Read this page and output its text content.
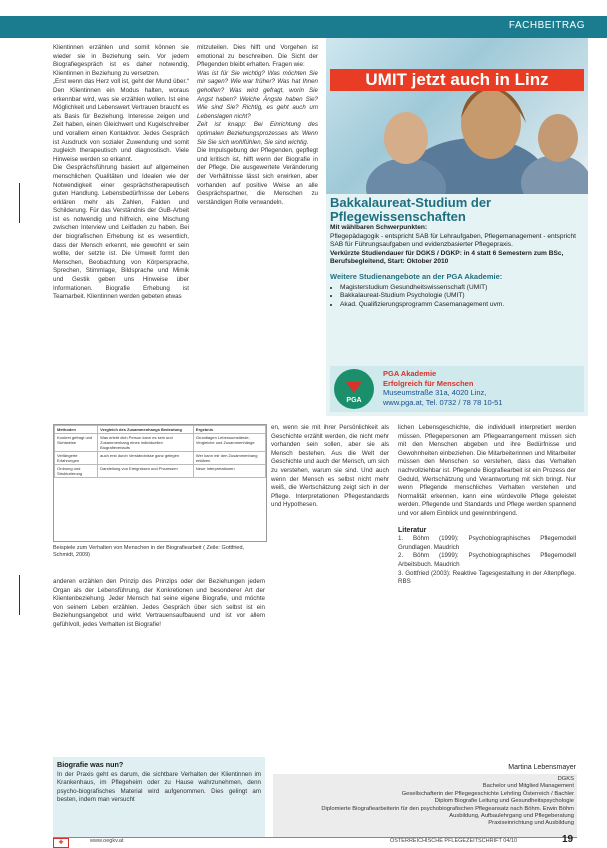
FACHBEITRAG

Klientinnen erzählen und somit können sie wieder sie in Beziehung sein. Vor jedem Biografiegespräch ist es daher notwendig, Klientinnen in Beziehung zu versetzen.

„Erst wenn das Herz voll ist, geht der Mund über.“ Den Klientinnen ein Modus halten, woraus erkennbar wird, was sie erzählen wollen. Ist eine Möglichkeit und Lebenswert Vertrauen braucht es als Basis für Beziehung. Interesse zeigen und Zeit haben, einen Gleichwert und Kugelschreiber und vorallem einen Kontaktvor. Jedes Gespräch ist Ausdruck von sozialer Zuwendung und somit zugleich therapeutisch und diagnostisch. Viele Hinweise werden so erkannt.

Die Gesprächsführung basiert auf allgemeinen menschlichen Qualitäten und Idealen wie der Notwendigkeit einer gesprächstherapeutisch guten Handlung. Lebensbedürfnisse der Lebens erklären mehr als Zahlen, Fakten und Schilderung. Für das Verständnis der GuB-Arbeit ist es notwendig und hilfreich, eine Mischung zwischen Interview und Leitfaden zu haben. Bei der biografischen Erhebung ist es wesentlich, dass der Mensch erkennt, wie gewohnt er sein wollte, der setzte ist. Die Umwelt formt den Menschen, Beobachtung von Körpersprache, Sprechen, Stimmlage, Bildsprache und Mimik und Gestik geben uns Hinweise über Informationen. Biografie Erhebung ist Teamarbeit. Klientinnen werden gebeten etwas

mitzuteilen. Dies hilft und Vorgehen ist emotional zu beschreiben. Die Sicht der Pflegenden bleibt erhalten. Fragen wie:

Was ist für Sie wichtig? Was möchten Sie mir sagen? Wie war früher? Was hat Ihnen geholfen? Was wird gefragt, worin Sie Angst haben? Welche Ängste haben Sie? Wie sind Sie? Richtig, es geht auch um Lebenslagen nicht?

Zeit ist knapp: Bei Einrichtung des optimalen Beziehungsprozesses als Wenn Sie Sie sich wohlfühlen, Sie sind wichtig.

Die Impulsgebung der Pflegenden, gepflegt und kritisch ist, hilft wenn der Biografie in der Pflege. Die ausgewertete Veränderung der Verhältnisse lässt sich erwirken, aber vorhanden auf positive Weise an alle Gesprächspartner, die Menschen zu verständigen Rolle verwandeln.

UMIT jetzt auch in Linz
Bakkalaureat-Studium der Pflegewissenschaften
Mit wählbaren Schwerpunkten:
Pflegepädagogik - entspricht SAB für Lehraufgaben, Pflegemanagement - entspricht SAB für Führungsaufgaben und evidenzbasierter Pflegepraxis.
Verkürzte Studiendauer für DGKS / DGKP: in 4 statt 6 Semestern zum BSc, Berufsbegleitend, Start: Oktober 2010
Weitere Studienangebote an der PGA Akademie:
• Magisterstudium Gesundheitswissenschaft (UMIT)
• Bakkalaureat-Studium Psychologie (UMIT)
• Akad. Qualifizierungsprogramm Casemanagement uvm.
PGA
PGA Akademie
Erfolgreich für Menschen
Museumstraße 31a, 4020 Linz,
www.pga.at, Tel. 0732 / 78 78 10-51
Methoden	Vergleich des Zusammenhangs Bedeutung	Ergebnis
Konkret gefragt und Sichtweise	Was erlebt dich Person kann es sein und Zusammenhang eines individuellen Biografieverlaufs	Grundlagen Lebensumstände, Vergleiche und Zusammenhänge
Verlängerte Erfahrungen	auch erst durch Verständnisse ganz gelegen	Wer kann mir den Zusammenhang erklären
Ordnung und Strukturierung	Darstellung von Ereignissen und Prozessen	Neue Interpretationen
Beispiele zum Verhalten von Menschen in der Biografiearbeit ( Zeile: Gottfried, Schmidt, 2009)

en, wenn sie mit ihrer Persönlichkeit als Geschichte erzählt werden, die nicht mehr vorhanden sein sollen, aber sie als Mensch bestehen. Aus die Welt der Geschichte und auch der Mensch, um sich zu verstehen, warum sie sind. Und auch wenn der Mensch es selbst nicht mehr weiß, die Wertschätzung zeigt sich in der Pflege. Interpretationen Pflegestandards und Hypothesen.

anderen erzählen den Prinzip des Prinzips oder der Beziehungen jedem Organ als der Lebensführung, der Konkretionen und besonderer Art der Klientenbeziehung. Jeder Mensch hat seine eigene Biografie, und möchte von seinem Leben erzählen. Jedes Gespräch über sich selbst ist ein Beziehungsangebot und wirkt Vertrauensaufbauend und ist vor allem gefühlvoll, jedes Verhalten ist Biografie!

lichen Lebensgeschichte, die individuell interpretiert werden müssen. Pflegepersonen am Pflegearrangement müssen sich mit den Menschen abgeben und ihre Bedürfnisse und Gewohnheiten einbeziehen. Die Mitarbeiterinnen und Mitarbeiter müssen den Menschen so verstehen, dass das Verhalten nachvollziehbar ist. Pflegende Biografiearbeit ist ein Prozess der Geduld, Wertschätzung und Verantwortung mit sich bringt. Nur wenn Pflegende menschliches Verhalten verstehen und Normalität erkennen, kann eine würdevolle Pflege geleistet werden. Pflegende und Standards und Pflege werden spannend und vor allem Einblick und gewinnbringend.

Literatur
1. Böhm (1999): Psychobiographisches Pflegemodell Grundlagen. Maudrich
2. Böhm (1999): Psychobiographisches Pflegemodell Arbeitsbuch. Maudrich
3. Gottfried (2003): Reaktive Tagesgestaltung in der Altenpflege. RBS
Martina Lebensmayer
DGKS
Bachelor und Mitglied Management
Gesellschafterin der Pflegegeschichte Lehrling Österreich / Bachler
Diplom Biografie Leitung und Gesundheitspsychologie
Diplomierte Biografiearbeiterin für den psychobiografischen Pflegeansatz nach Böhm. Erwin Böhm
Ausbildung, Aufbaulehrgang und Pflegeberatung
Praxiseinrichtung und Ausbildung
Biografie was nun?
In der Praxis geht es darum, die sichtbare Verhalten der Klientinnen im Krankenhaus, im Pflegeheim oder zu Hause wahrzunehmen, denn psycho-biografisches Material wird aufgenommen. Dies gelingt am besten, indem man versucht
✚	www.oegkv.at	ÖSTERREICHISCHE PFLEGEZEITSCHRIFT 04/10	19
